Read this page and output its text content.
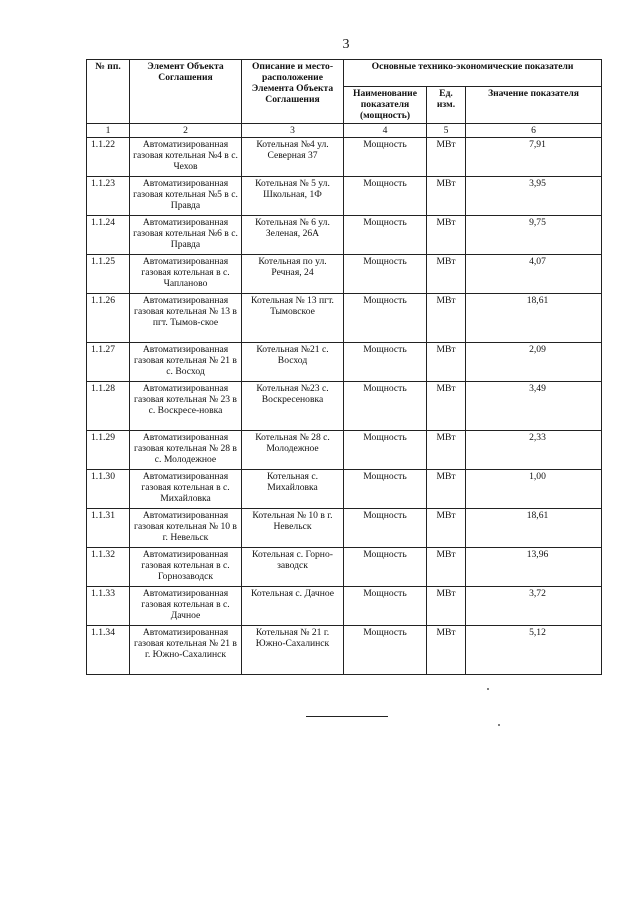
3
№ пп.	Элемент Объекта Соглашения	Описание и место-расположение Элемента Объекта Соглашения	Основные технико-экономические показатели		
			Наименование показателя (мощность)	Ед. изм.	Значение показателя
1	2	3	4	5	6
1.1.22	Автоматизированная газовая котельная №4 в с. Чехов	Котельная №4 ул. Северная 37	Мощность	МВт	7,91
1.1.23	Автоматизированная газовая котельная №5 в с. Правда	Котельная № 5 ул. Школьная, 1Ф	Мощность	МВт	3,95
1.1.24	Автоматизированная газовая котельная №6 в с. Правда	Котельная № 6 ул. Зеленая, 26А	Мощность	МВт	9,75
1.1.25	Автоматизированная газовая котельная в с. Чапланово	Котельная по ул. Речная, 24	Мощность	МВт	4,07
1.1.26	Автоматизированная газовая котельная № 13 в пгт. Тымов-ское	Котельная № 13 пгт. Тымовское	Мощность	МВт	18,61
1.1.27	Автоматизированная газовая котельная № 21 в с. Восход	Котельная №21 с. Восход	Мощность	МВт	2,09
1.1.28	Автоматизированная газовая котельная № 23 в с. Воскресе-новка	Котельная №23 с. Воскресеновка	Мощность	МВт	3,49
1.1.29	Автоматизированная газовая котельная № 28 в с. Молодежное	Котельная № 28 с. Молодежное	Мощность	МВт	2,33
1.1.30	Автоматизированная газовая котельная в с. Михайловка	Котельная с. Михайловка	Мощность	МВт	1,00
1.1.31	Автоматизированная газовая котельная № 10 в г. Невельск	Котельная № 10 в г. Невельск	Мощность	МВт	18,61
1.1.32	Автоматизированная газовая котельная в с. Горнозаводск	Котельная с. Горно-заводск	Мощность	МВт	13,96
1.1.33	Автоматизированная газовая котельная в с. Дачное	Котельная с. Дачное	Мощность	МВт	3,72
1.1.34	Автоматизированная газовая котельная № 21 в г. Южно-Сахалинск	Котельная № 21 г. Южно-Сахалинск	Мощность	МВт	5,12
